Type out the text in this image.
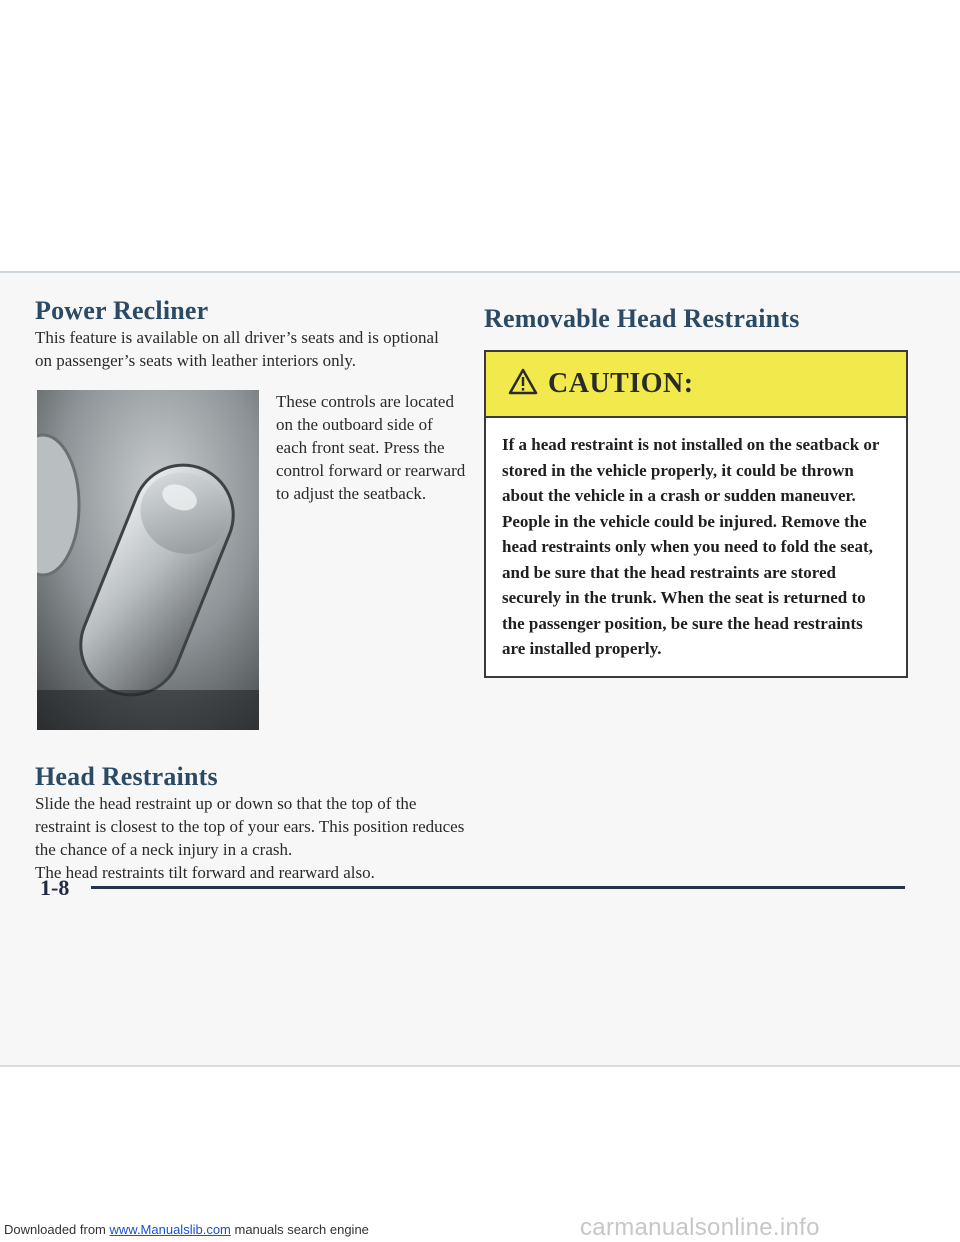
Power Recliner

This feature is available on all driver’s seats and is optional on passenger’s seats with leather interiors only.

These controls are located on the outboard side of each front seat. Press the control forward or rearward to adjust the seatback.

Head Restraints

Slide the head restraint up or down so that the top of the restraint is closest to the top of your ears. This position reduces the chance of a neck injury in a crash.

The head restraints tilt forward and rearward also.

Removable Head Restraints
CAUTION:
If a head restraint is not installed on the seatback or stored in the vehicle properly, it could be thrown about the vehicle in a crash or sudden maneuver. People in the vehicle could be injured. Remove the head restraints only when you need to fold the seat, and be sure that the head restraints are stored securely in the trunk. When the seat is returned to the passenger position, be sure the head restraints are installed properly.
1-8
Downloaded from www.Manualslib.com manuals search engine	carmanualsonline.info
